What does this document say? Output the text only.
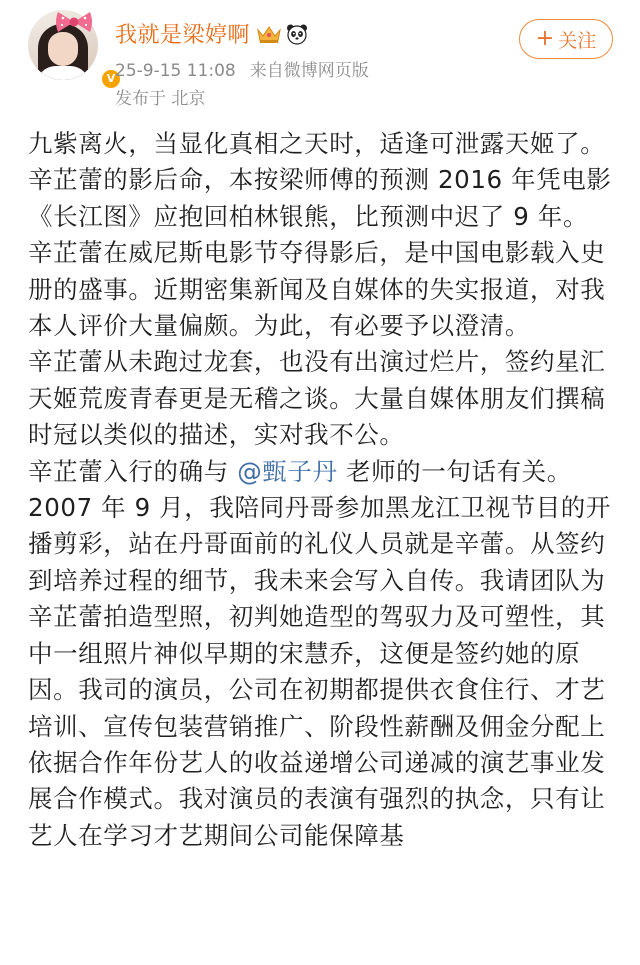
V
我就是梁婷啊
25-9-15 11:08 来自微博网页版
发布于 北京
+ 关注

九紫离火，当显化真相之天时，适逢可泄露天姬了。

辛芷蕾的影后命，本按梁师傅的预测 2016 年凭电影《长江图》应抱回柏林银熊，比预测中迟了 9 年。

辛芷蕾在威尼斯电影节夺得影后，是中国电影载入史册的盛事。近期密集新闻及自媒体的失实报道，对我本人评价大量偏颇。为此，有必要予以澄清。

辛芷蕾从未跑过龙套，也没有出演过烂片，签约星汇天姬荒废青春更是无稽之谈。大量自媒体朋友们撰稿时冠以类似的描述，实对我不公。

辛芷蕾入行的确与 @甄子丹 老师的一句话有关。

2007 年 9 月，我陪同丹哥参加黑龙江卫视节目的开播剪彩，站在丹哥面前的礼仪人员就是辛蕾。从签约到培养过程的细节，我未来会写入自传。我请团队为辛芷蕾拍造型照，初判她造型的驾驭力及可塑性，其中一组照片神似早期的宋慧乔，这便是签约她的原因。我司的演员，公司在初期都提供衣食住行、才艺培训、宣传包装营销推广、阶段性薪酬及佣金分配上依据合作年份艺人的收益递增公司递减的演艺事业发展合作模式。我对演员的表演有强烈的执念，只有让艺人在学习才艺期间公司能保障基
